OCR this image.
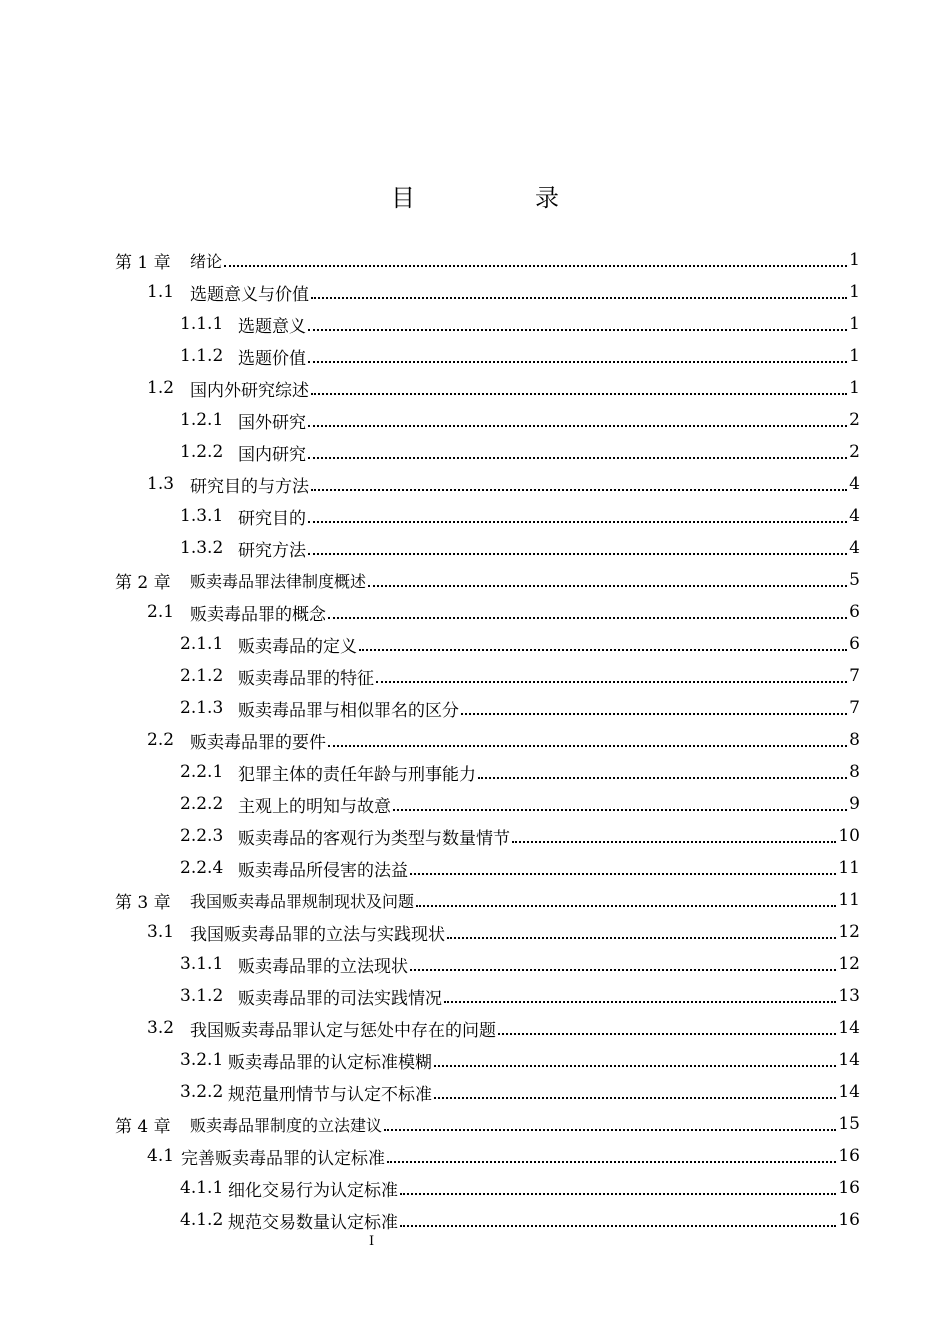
目　录
第 1 章	绪论	1
1.1 选题意义与价值	1
1.1.1 选题意义	1
1.1.2 选题价值	1
1.2 国内外研究综述	1
1.2.1 国外研究	2
1.2.2 国内研究	2
1.3 研究目的与方法	4
1.3.1 研究目的	4
1.3.2 研究方法	4
第 2 章	贩卖毒品罪法律制度概述	5
2.1 贩卖毒品罪的概念	6
2.1.1 贩卖毒品的定义	6
2.1.2 贩卖毒品罪的特征	7
2.1.3 贩卖毒品罪与相似罪名的区分	7
2.2 贩卖毒品罪的要件	8
2.2.1 犯罪主体的责任年龄与刑事能力	8
2.2.2 主观上的明知与故意	9
2.2.3 贩卖毒品的客观行为类型与数量情节	10
2.2.4 贩卖毒品所侵害的法益	11
第 3 章	我国贩卖毒品罪规制现状及问题	11
3.1 我国贩卖毒品罪的立法与实践现状	12
3.1.1 贩卖毒品罪的立法现状	12
3.1.2 贩卖毒品罪的司法实践情况	13
3.2 我国贩卖毒品罪认定与惩处中存在的问题	14
3.2.1 贩卖毒品罪的认定标准模糊	14
3.2.2 规范量刑情节与认定不标准	14
第 4 章	贩卖毒品罪制度的立法建议	15
4.1 完善贩卖毒品罪的认定标准	16
4.1.1 细化交易行为认定标准	16
4.1.2 规范交易数量认定标准	16
I
